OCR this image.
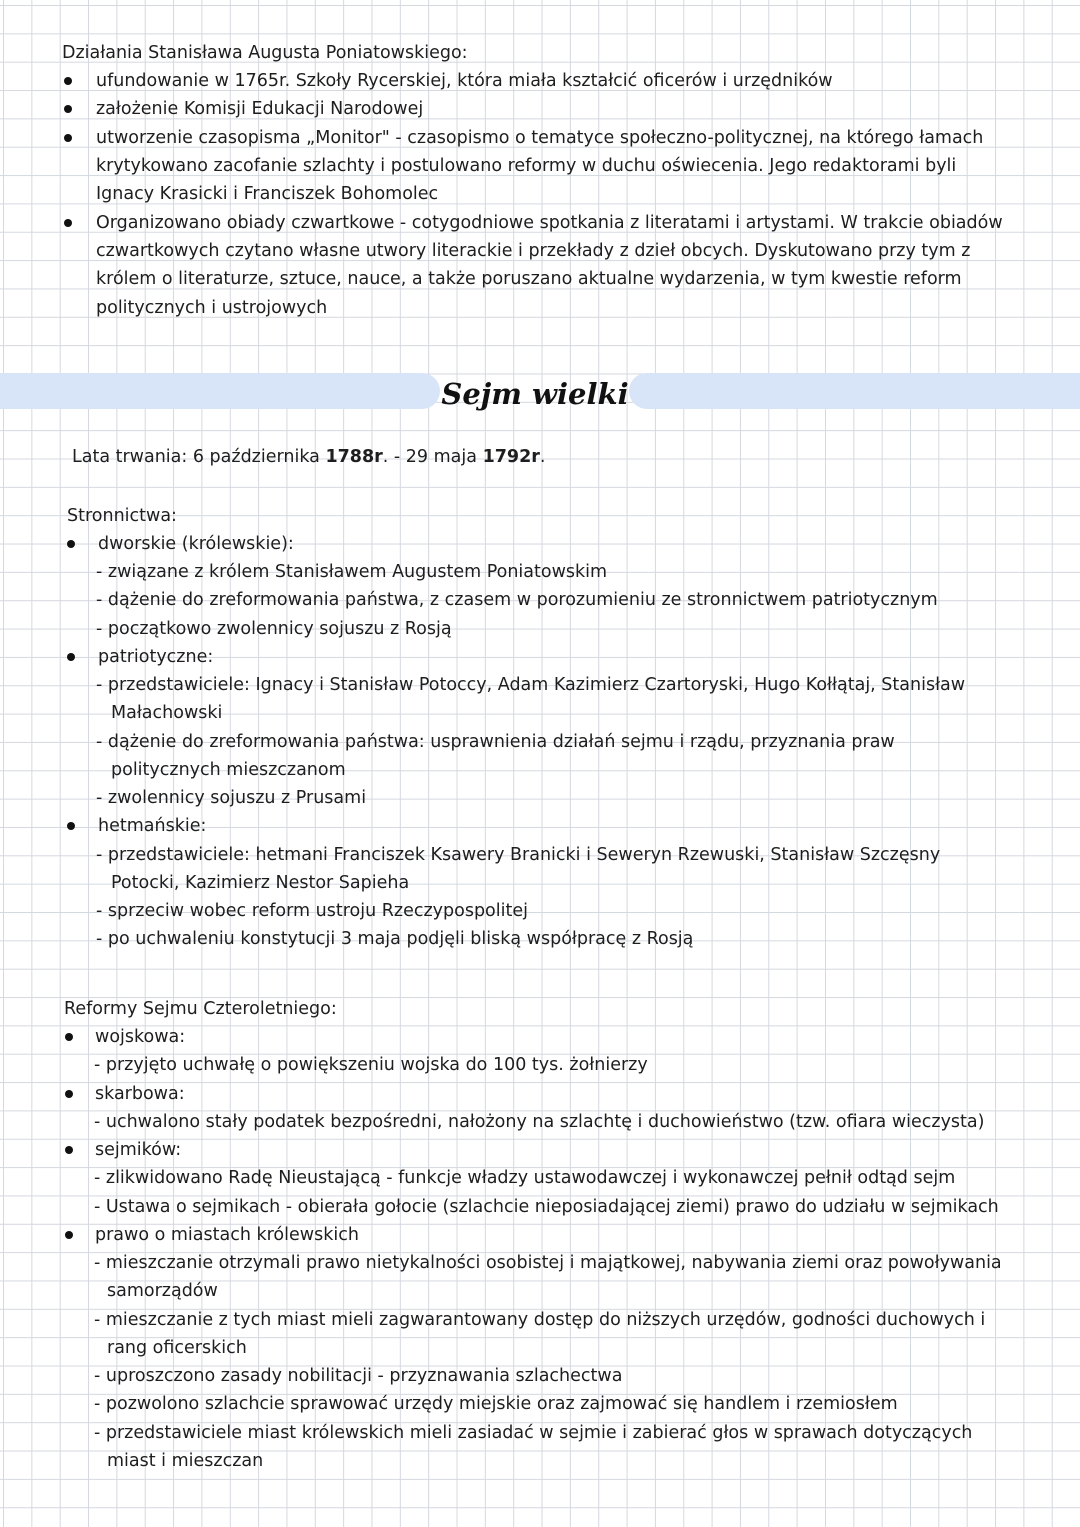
Działania Stanisława Augusta Poniatowskiego:
ufundowanie w 1765r. Szkoły Rycerskiej, która miała kształcić oficerów i urzędników
założenie Komisji Edukacji Narodowej
utworzenie czasopisma „Monitor" - czasopismo o tematyce społeczno-politycznej, na którego łamach
krytykowano zacofanie szlachty i postulowano reformy w duchu oświecenia. Jego redaktorami byli
Ignacy Krasicki i Franciszek Bohomolec
Organizowano obiady czwartkowe - cotygodniowe spotkania z literatami i artystami. W trakcie obiadów
czwartkowych czytano własne utwory literackie i przekłady z dzieł obcych. Dyskutowano przy tym z
królem o literaturze, sztuce, nauce, a także poruszano aktualne wydarzenia, w tym kwestie reform
politycznych i ustrojowych
Sejm wielki
Lata trwania: 6 października 1788r. - 29 maja 1792r.
Stronnictwa:
dworskie (królewskie):
- związane z królem Stanisławem Augustem Poniatowskim
- dążenie do zreformowania państwa, z czasem w porozumieniu ze stronnictwem patriotycznym
- początkowo zwolennicy sojuszu z Rosją
patriotyczne:
- przedstawiciele: Ignacy i Stanisław Potoccy, Adam Kazimierz Czartoryski, Hugo Kołłątaj, Stanisław
Małachowski
- dążenie do zreformowania państwa: usprawnienia działań sejmu i rządu, przyznania praw
politycznych mieszczanom
- zwolennicy sojuszu z Prusami
hetmańskie:
- przedstawiciele: hetmani Franciszek Ksawery Branicki i Seweryn Rzewuski, Stanisław Szczęsny
Potocki, Kazimierz Nestor Sapieha
- sprzeciw wobec reform ustroju Rzeczypospolitej
- po uchwaleniu konstytucji 3 maja podjęli bliską współpracę z Rosją
Reformy Sejmu Czteroletniego:
wojskowa:
- przyjęto uchwałę o powiększeniu wojska do 100 tys. żołnierzy
skarbowa:
- uchwalono stały podatek bezpośredni, nałożony na szlachtę i duchowieństwo (tzw. ofiara wieczysta)
sejmików:
- zlikwidowano Radę Nieustającą - funkcje władzy ustawodawczej i wykonawczej pełnił odtąd sejm
- Ustawa o sejmikach - obierała gołocie (szlachcie nieposiadającej ziemi) prawo do udziału w sejmikach
prawo o miastach królewskich
- mieszczanie otrzymali prawo nietykalności osobistej i majątkowej, nabywania ziemi oraz powoływania
samorządów
- mieszczanie z tych miast mieli zagwarantowany dostęp do niższych urzędów, godności duchowych i
rang oficerskich
- uproszczono zasady nobilitacji - przyznawania szlachectwa
- pozwolono szlachcie sprawować urzędy miejskie oraz zajmować się handlem i rzemiosłem
- przedstawiciele miast królewskich mieli zasiadać w sejmie i zabierać głos w sprawach dotyczących
miast i mieszczan
